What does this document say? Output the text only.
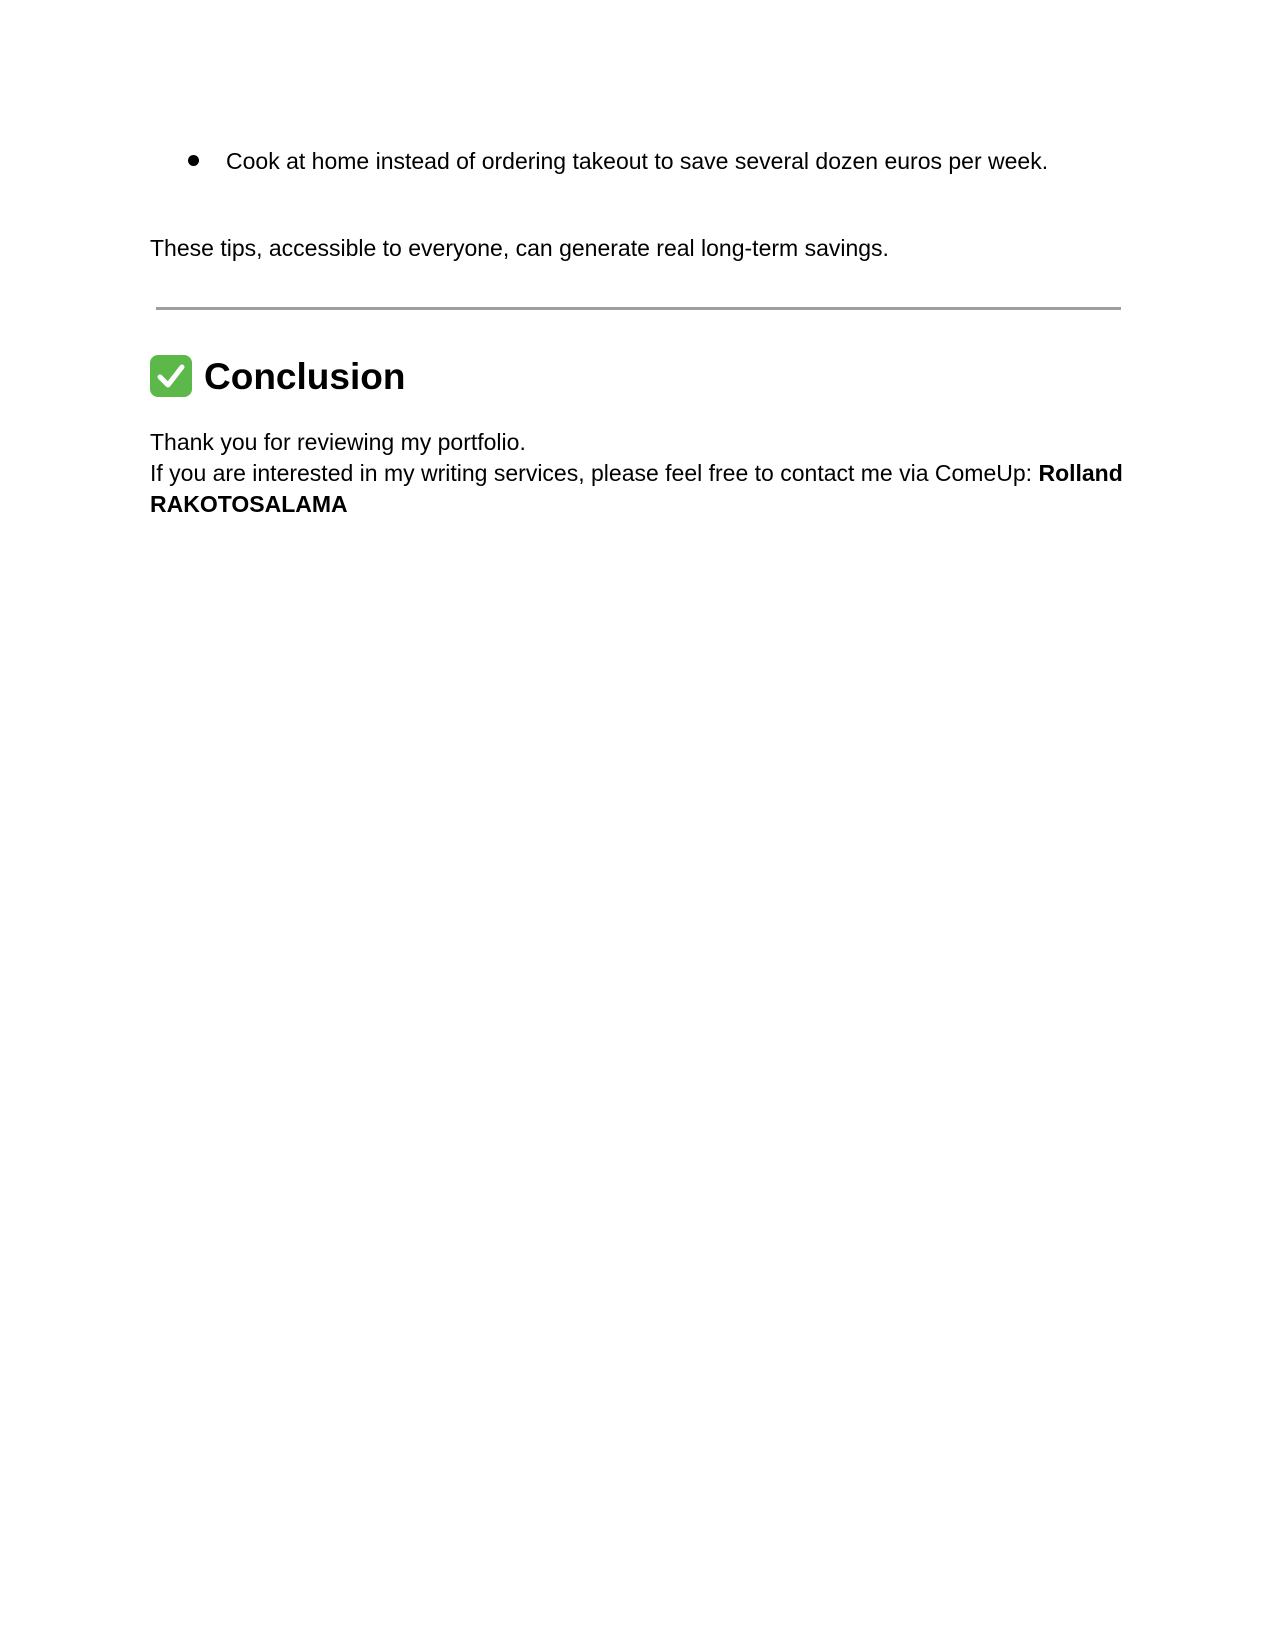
Cook at home instead of ordering takeout to save several dozen euros per week.
These tips, accessible to everyone, can generate real long-term savings.
Conclusion
Thank you for reviewing my portfolio.
If you are interested in my writing services, please feel free to contact me via ComeUp: Rolland RAKOTOSALAMA
